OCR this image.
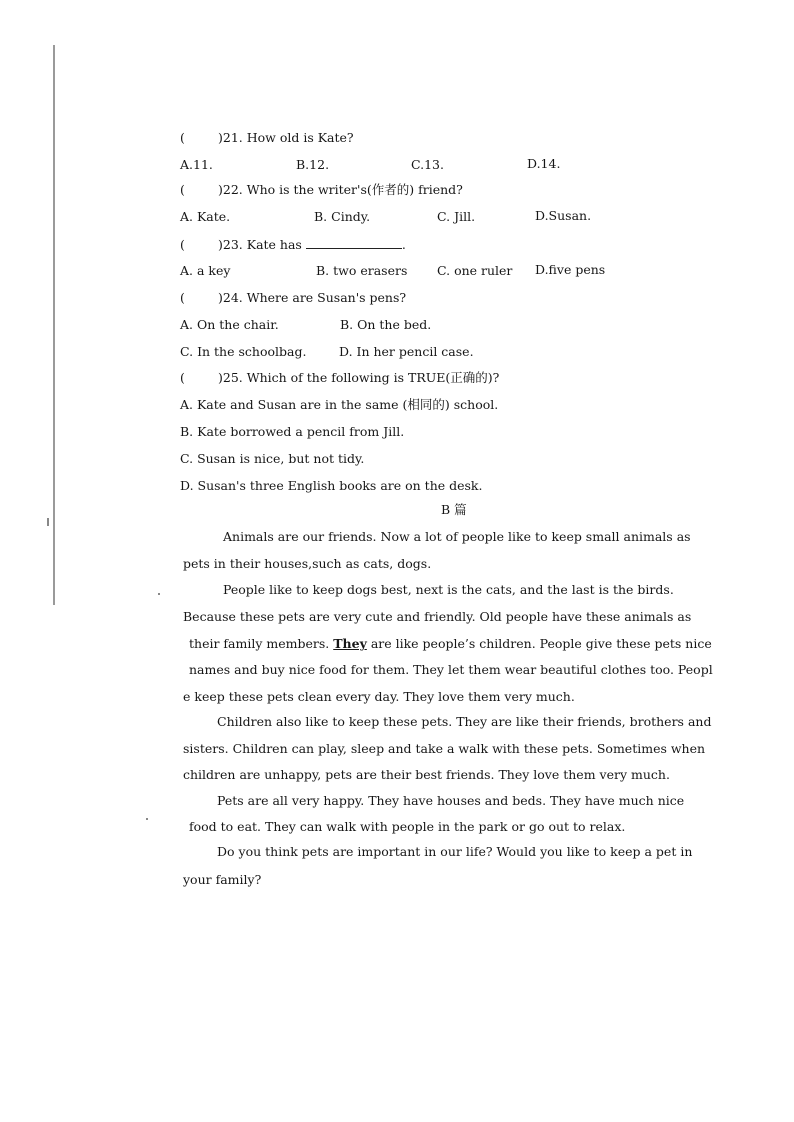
(	)21. How old is Kate?
A.11.	B.12.	C.13.	D.14.
(	)22. Who is the writer's(作者的) friend?
A. Kate.	B. Cindy.	C. Jill.	D.Susan.
(	)23. Kate has	.
A. a key	B. two erasers C. one ruler D.five pens
(	)24. Where are Susan's pens?
A. On the chair.	B. On the bed.
C. In the schoolbag.	D. In her pencil case.
(	)25. Which of the following is TRUE(正确的)?
A. Kate and Susan are in the same (相同的) school.
B. Kate borrowed a pencil from Jill.
C. Susan is nice, but not tidy.
D. Susan's three English books are on the desk.
B 篇
Animals are our friends. Now a lot of people like to keep small animals as
pets in their houses,such as cats, dogs.
People like to keep dogs best, next is the cats, and the last is the birds.
Because these pets are very cute and friendly. Old people have these animals as
their family members. They are like people’s children. People give these pets nice
names and buy nice food for them. They let them wear beautiful clothes too. Peopl
e keep these pets clean every day. They love them very much.
Children also like to keep these pets. They are like their friends, brothers and
sisters. Children can play, sleep and take a walk with these pets. Sometimes when
children are unhappy, pets are their best friends. They love them very much.
Pets are all very happy. They have houses and beds. They have much nice
food to eat. They can walk with people in the park or go out to relax.
Do you think pets are important in our life? Would you like to keep a pet in
your family?
